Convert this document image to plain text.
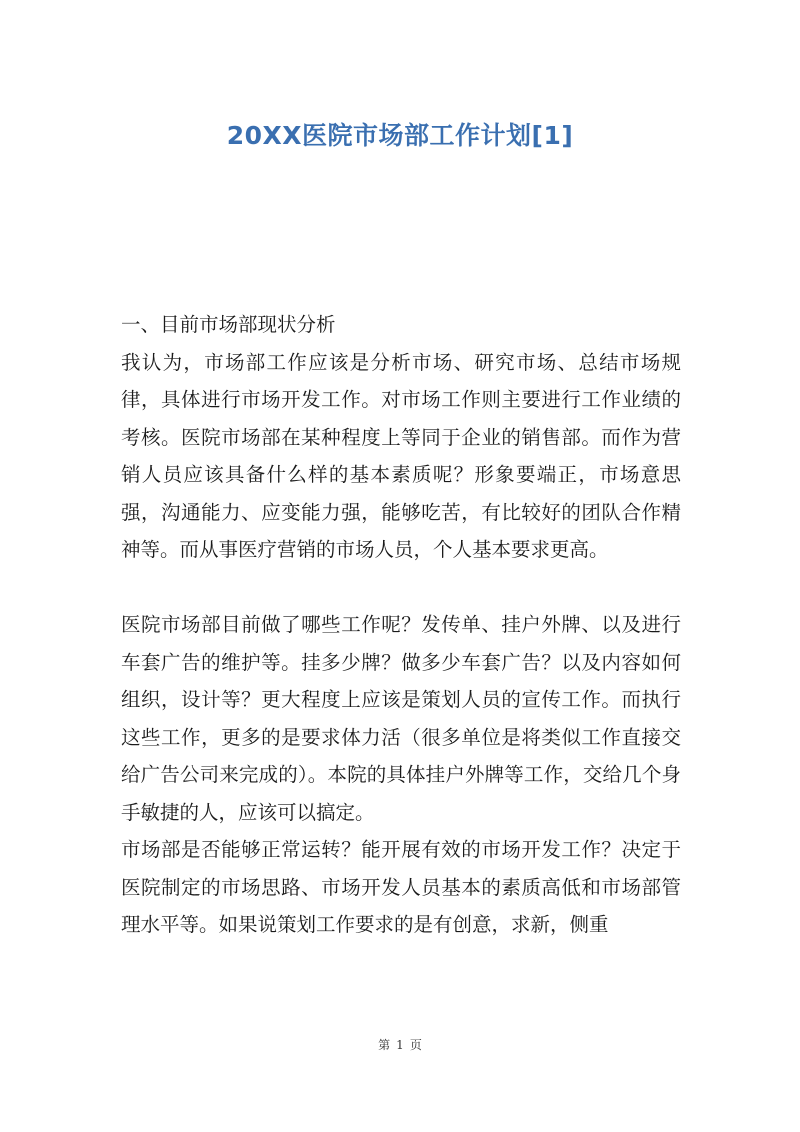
20XX医院市场部工作计划[1]

一、目前市场部现状分析

我认为，市场部工作应该是分析市场、研究市场、总结市场规律，具体进行市场开发工作。对市场工作则主要进行工作业绩的考核。医院市场部在某种程度上等同于企业的销售部。而作为营销人员应该具备什么样的基本素质呢？形象要端正，市场意思强，沟通能力、应变能力强，能够吃苦，有比较好的团队合作精神等。而从事医疗营销的市场人员，个人基本要求更高。

医院市场部目前做了哪些工作呢？发传单、挂户外牌、以及进行车套广告的维护等。挂多少牌？做多少车套广告？以及内容如何组织，设计等？更大程度上应该是策划人员的宣传工作。而执行这些工作，更多的是要求体力活（很多单位是将类似工作直接交给广告公司来完成的）。本院的具体挂户外牌等工作，交给几个身手敏捷的人，应该可以搞定。

市场部是否能够正常运转？能开展有效的市场开发工作？决定于医院制定的市场思路、市场开发人员基本的素质高低和市场部管理水平等。如果说策划工作要求的是有创意，求新，侧重

第 1 页
